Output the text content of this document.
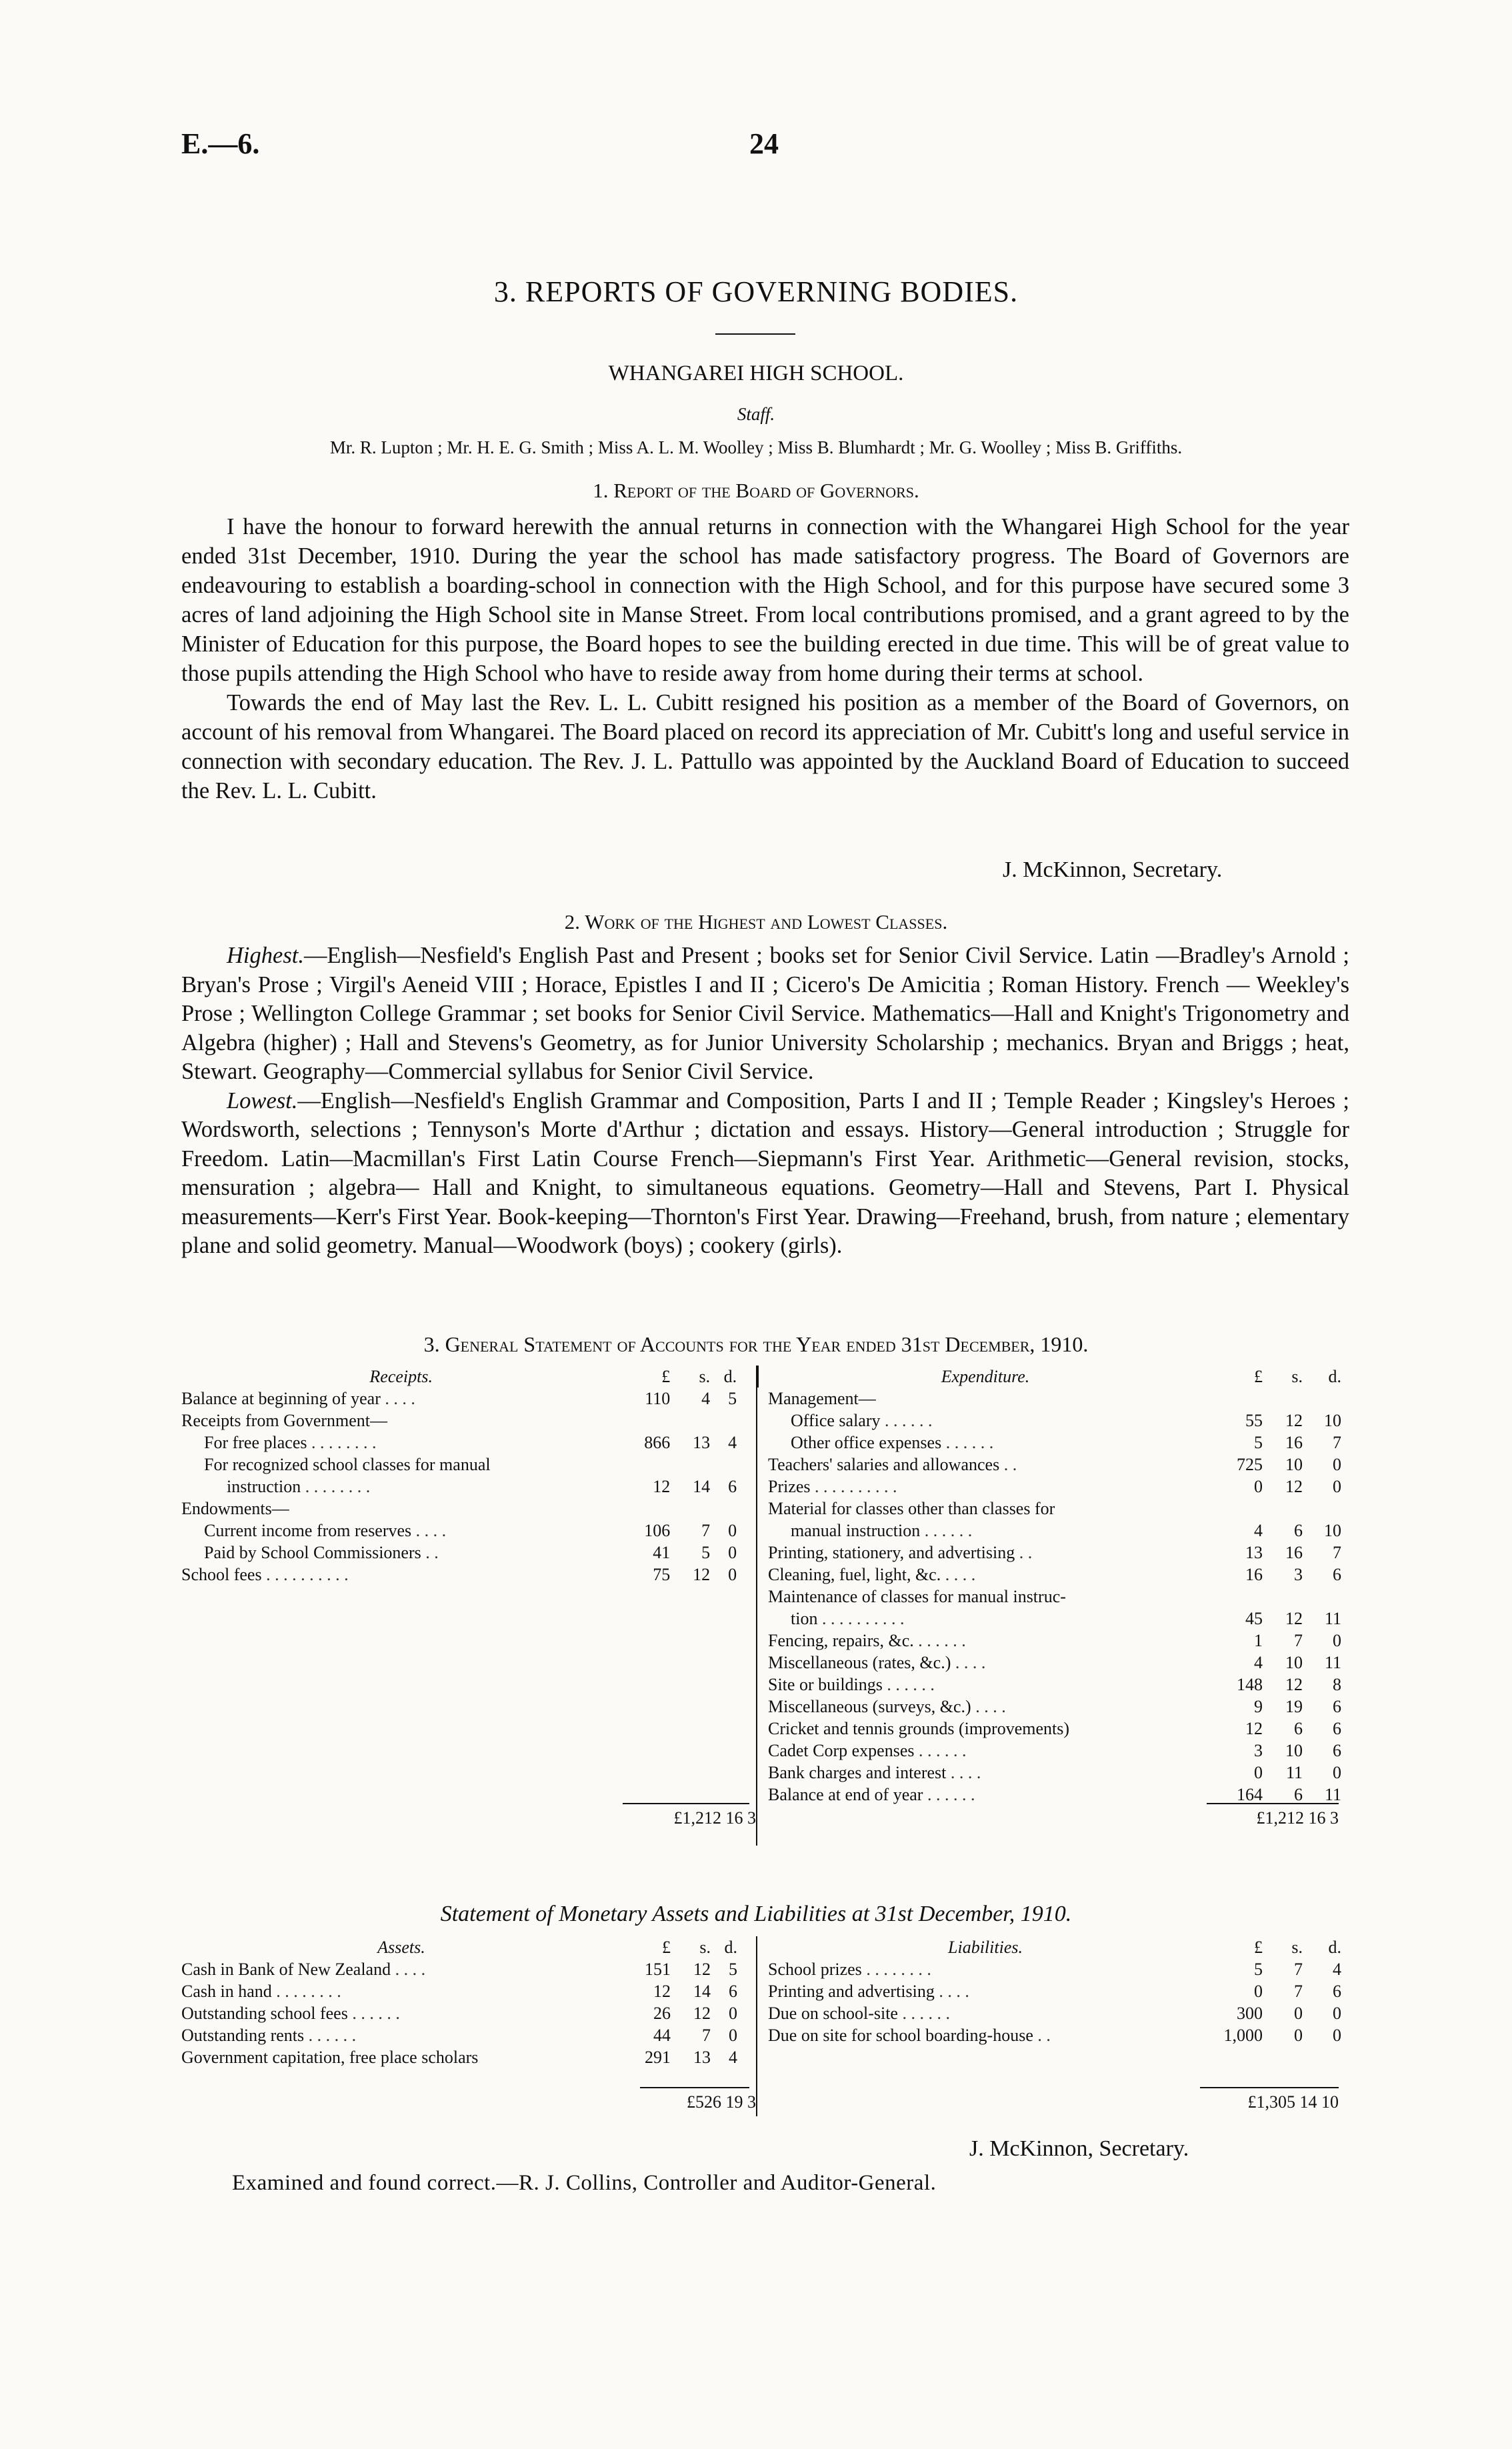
E.—6.	24
3. REPORTS OF GOVERNING BODIES.
WHANGAREI HIGH SCHOOL.
Staff.
Mr. R. Lupton ; Mr. H. E. G. Smith ; Miss A. L. M. Woolley ; Miss B. Blumhardt ; Mr. G. Woolley ; Miss B. Griffiths.
1. Report of the Board of Governors.

I have the honour to forward herewith the annual returns in connection with the Whangarei High School for the year ended 31st December, 1910. During the year the school has made satisfactory progress. The Board of Governors are endeavouring to establish a boarding-school in connection with the High School, and for this purpose have secured some 3 acres of land adjoining the High School site in Manse Street. From local contributions promised, and a grant agreed to by the Minister of Education for this purpose, the Board hopes to see the building erected in due time. This will be of great value to those pupils attending the High School who have to reside away from home during their terms at school.

Towards the end of May last the Rev. L. L. Cubitt resigned his position as a member of the Board of Governors, on account of his removal from Whangarei. The Board placed on record its appreciation of Mr. Cubitt's long and useful service in connection with secondary education. The Rev. J. L. Pattullo was appointed by the Auckland Board of Education to succeed the Rev. L. L. Cubitt.

J. McKinnon, Secretary.
2. Work of the Highest and Lowest Classes.

Highest.—English—Nesfield's English Past and Present ; books set for Senior Civil Service. Latin —Bradley's Arnold ; Bryan's Prose ; Virgil's Aeneid VIII ; Horace, Epistles I and II ; Cicero's De Amicitia ; Roman History. French — Weekley's Prose ; Wellington College Grammar ; set books for Senior Civil Service. Mathematics—Hall and Knight's Trigonometry and Algebra (higher) ; Hall and Stevens's Geometry, as for Junior University Scholarship ; mechanics. Bryan and Briggs ; heat, Stewart. Geography—Commercial syllabus for Senior Civil Service.

Lowest.—English—Nesfield's English Grammar and Composition, Parts I and II ; Temple Reader ; Kingsley's Heroes ; Wordsworth, selections ; Tennyson's Morte d'Arthur ; dictation and essays. History—General introduction ; Struggle for Freedom. Latin—Macmillan's First Latin Course French—Siepmann's First Year. Arithmetic—General revision, stocks, mensuration ; algebra— Hall and Knight, to simultaneous equations. Geometry—Hall and Stevens, Part I. Physical measurements—Kerr's First Year. Book-keeping—Thornton's First Year. Drawing—Freehand, brush, from nature ; elementary plane and solid geometry. Manual—Woodwork (boys) ; cookery (girls).

3. General Statement of Accounts for the Year ended 31st December, 1910.
Receipts.	£	s.	d.	
Balance at beginning of year . . . .	110	4	5	
Receipts from Government—				
For free places . . . . . . . .	866	13	4	
For recognized school classes for manual				
instruction . . . . . . . .	12	14	6	
Endowments—				
Current income from reserves . . . .	106	7	0	
Paid by School Commissioners . .	41	5	0	
School fees . . . . . . . . . .	75	12	0	
	Expenditure.	£	s.	d.
	Management—			
	Office salary . . . . . .	55	12	10
	Other office expenses . . . . . .	5	16	7
	Teachers' salaries and allowances . .	725	10	0
	Prizes . . . . . . . . . .	0	12	0
	Material for classes other than classes for			
	manual instruction . . . . . .	4	6	10
	Printing, stationery, and advertising . .	13	16	7
	Cleaning, fuel, light, &c. . . . .	16	3	6
	Maintenance of classes for manual instruc-			
	tion . . . . . . . . . .	45	12	11
	Fencing, repairs, &c. . . . . . .	1	7	0
	Miscellaneous (rates, &c.) . . . .	4	10	11
	Site or buildings . . . . . .	148	12	8
	Miscellaneous (surveys, &c.) . . . .	9	19	6
	Cricket and tennis grounds (improvements)	12	6	6
	Cadet Corp expenses . . . . . .	3	10	6
	Bank charges and interest . . . .	0	11	0
	Balance at end of year . . . . . .	164	6	11
£1,212 16 3	£1,212 16 3
Statement of Monetary Assets and Liabilities at 31st December, 1910.
Assets.	£	s.	d.	
Cash in Bank of New Zealand . . . .	151	12	5	
Cash in hand . . . . . . . .	12	14	6	
Outstanding school fees . . . . . .	26	12	0	
Outstanding rents . . . . . .	44	7	0	
Government capitation, free place scholars	291	13	4	
	Liabilities.	£	s.	d.
	School prizes . . . . . . . .	5	7	4
	Printing and advertising . . . .	0	7	6
	Due on school-site . . . . . .	300	0	0
	Due on site for school boarding-house . .	1,000	0	0
£526 19 3	£1,305 14 10
J. McKinnon, Secretary.
Examined and found correct.—R. J. Collins, Controller and Auditor-General.
